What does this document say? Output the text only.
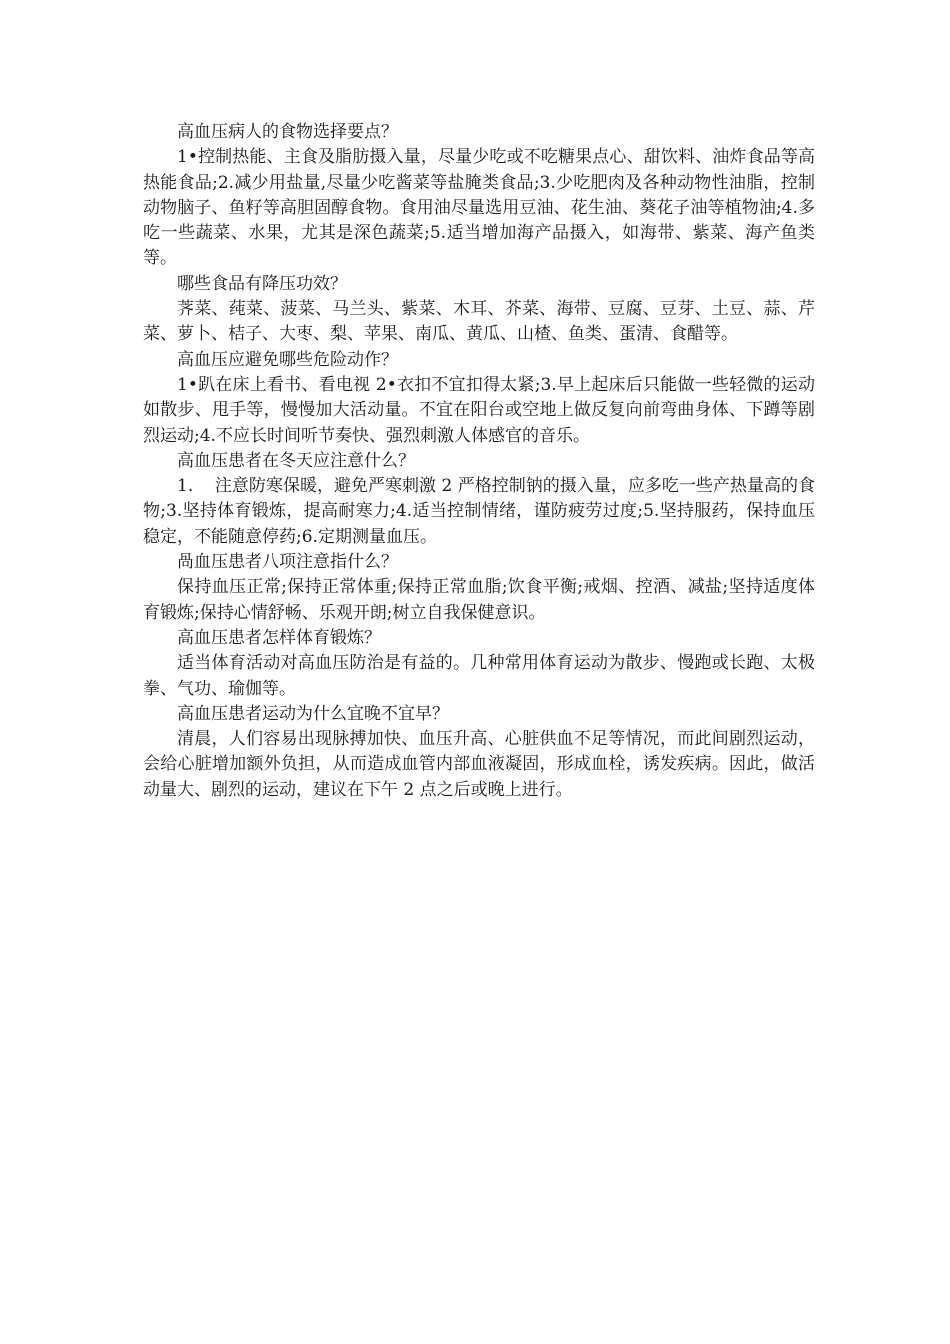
高血压病人的食物选择要点？

1•控制热能、主食及脂肪摄入量，尽量少吃或不吃糖果点心、甜饮料、油炸食品等高热能食品;2.减少用盐量,尽量少吃酱菜等盐腌类食品;3.少吃肥肉及各种动物性油脂，控制动物脑子、鱼籽等高胆固醇食物。食用油尽量选用豆油、花生油、葵花子油等植物油;4.多吃一些蔬菜、水果，尤其是深色蔬菜;5.适当增加海产品摄入，如海带、紫菜、海产鱼类等。

哪些食品有降压功效？

荠菜、莼菜、菠菜、马兰头、紫菜、木耳、芥菜、海带、豆腐、豆芽、土豆、蒜、芹菜、萝卜、桔子、大枣、梨、苹果、南瓜、黄瓜、山楂、鱼类、蛋清、食醋等。

高血压应避免哪些危险动作？

1•趴在床上看书、看电视 2•衣扣不宜扣得太紧;3.早上起床后只能做一些轻微的运动如散步、甩手等，慢慢加大活动量。不宜在阳台或空地上做反复向前弯曲身体、下蹲等剧烈运动;4.不应长时间听节奏快、强烈刺激人体感官的音乐。

高血压患者在冬天应注意什么？

1.    注意防寒保暖，避免严寒刺激 2 严格控制钠的摄入量，应多吃一些产热量高的食物;3.坚持体育锻炼，提高耐寒力;4.适当控制情绪，谨防疲劳过度;5.坚持服药，保持血压稳定，不能随意停药;6.定期测量血压。

咼血压患者八项注意指什么？

保持血压正常;保持正常体重;保持正常血脂;饮食平衡;戒烟、控酒、减盐;坚持适度体育锻炼;保持心情舒畅、乐观开朗;树立自我保健意识。

高血压患者怎样体育锻炼？

适当体育活动对高血压防治是有益的。几种常用体育运动为散步、慢跑或长跑、太极拳、气功、瑜伽等。

高血压患者运动为什么宜晚不宜早？

清晨，人们容易出现脉搏加快、血压升高、心脏供血不足等情况，而此间剧烈运动，会给心脏增加额外负担，从而造成血管内部血液凝固，形成血栓，诱发疾病。因此，做活动量大、剧烈的运动，建议在下午 2 点之后或晚上进行。
